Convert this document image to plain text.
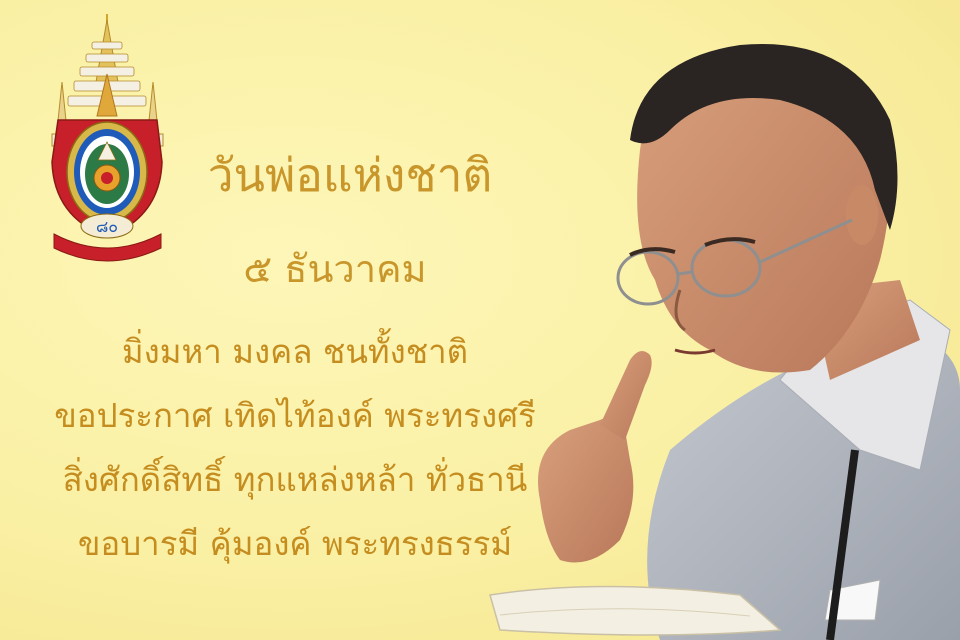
๘๐
วันพ่อแห่งชาติ
๕ ธันวาคม
มิ่งมหา มงคล ชนทั้งชาติ
ขอประกาศ เทิดไท้องค์ พระทรงศรี
สิ่งศักดิ์สิทธิ์ ทุกแหล่งหล้า ทั่วธานี
ขอบารมี คุ้มองค์ พระทรงธรรม์
